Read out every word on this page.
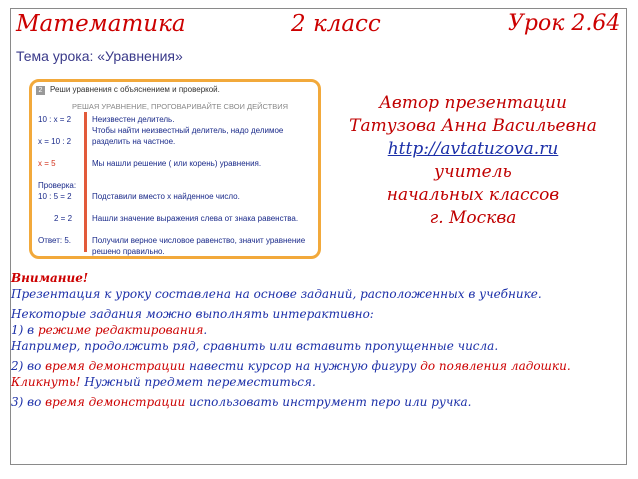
Математика	2 класс	Урок 2.64
Тема урока: «Уравнения»
2 Реши уравнения с объяснением и проверкой.
РЕШАЯ УРАВНЕНИЕ, ПРОГОВАРИВАЙТЕ СВОИ ДЕЙСТВИЯ
10 : x = 2
x = 10 : 2
x = 5
Проверка:
10 : 5 = 2
2 = 2
Ответ: 5.
Неизвестен делитель.
Чтобы найти неизвестный делитель, надо делимое разделить на частное.
Мы нашли решение ( или корень) уравнения.
Подставили вместо x найденное число.
Нашли значение выражения слева от знака равенства.
Получили верное числовое равенство, значит уравнение решено правильно.
Автор презентации
Татузова Анна Васильевна
http://avtatuzova.ru
учитель
начальных классов
г. Москва

Внимание!

Презентация к уроку составлена на основе заданий, расположенных в учебнике.

Некоторые задания можно выполнять интерактивно:

1) в режиме редактирования.

Например, продолжить ряд, сравнить или вставить пропущенные числа.

2) во время демонстрации навести курсор на нужную фигуру до появления ладошки.
Кликнуть! Нужный предмет переместиться.

3) во время демонстрации использовать инструмент перо или ручка.
